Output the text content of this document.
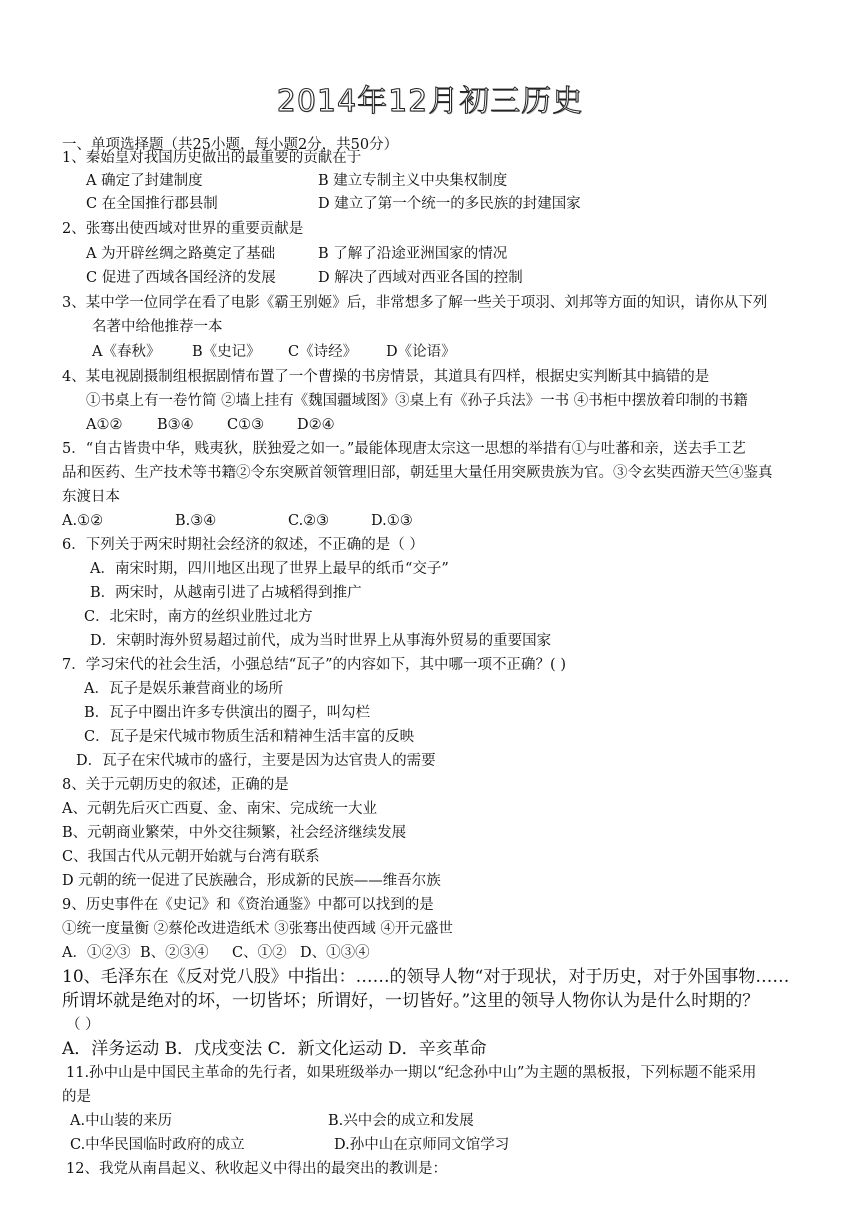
2014年12月初三历史
一、单项选择题（共25小题，每小题2分，共50分）
1、秦始皇对我国历史做出的最重要的贡献在于
A 确定了封建制度	B 建立专制主义中央集权制度
C 在全国推行郡县制	D 建立了第一个统一的多民族的封建国家
2、张骞出使西域对世界的重要贡献是
A 为开辟丝绸之路奠定了基础	B 了解了沿途亚洲国家的情况
C 促进了西域各国经济的发展	D 解决了西域对西亚各国的控制
3、某中学一位同学在看了电影《霸王别姬》后，非常想多了解一些关于项羽、刘邦等方面的知识，请你从下列
名著中给他推荐一本
A《春秋》 B《史记》 C《诗经》 D《论语》
4、某电视剧摄制组根据剧情布置了一个曹操的书房情景，其道具有四样，根据史实判断其中搞错的是
①书桌上有一卷竹简 ②墙上挂有《魏国疆域图》③桌上有《孙子兵法》一书 ④书柜中摆放着印制的书籍
A①② B③④ C①③ D②④
5．“自古皆贵中华，贱夷狄，朕独爱之如一。”最能体现唐太宗这一思想的举措有①与吐蕃和亲，送去手工艺
品和医药、生产技术等书籍②令东突厥首领管理旧部，朝廷里大量任用突厥贵族为官。③令玄奘西游天竺④鉴真
东渡日本
A.①②	B.③④	C.②③	D.①③
6．下列关于两宋时期社会经济的叙述，不正确的是（ ）
A．南宋时期，四川地区出现了世界上最早的纸币“交子”
B．两宋时，从越南引进了占城稻得到推广
C．北宋时，南方的丝织业胜过北方
D．宋朝时海外贸易超过前代，成为当时世界上从事海外贸易的重要国家
7．学习宋代的社会生活，小强总结“瓦子”的内容如下，其中哪一项不正确？( )
A．瓦子是娱乐兼营商业的场所
B．瓦子中圈出许多专供演出的圈子，叫勾栏
C．瓦子是宋代城市物质生活和精神生活丰富的反映
D．瓦子在宋代城市的盛行，主要是因为达官贵人的需要
8、关于元朝历史的叙述，正确的是
A、元朝先后灭亡西夏、金、南宋、完成统一大业
B、元朝商业繁荣，中外交往频繁，社会经济继续发展
C、我国古代从元朝开始就与台湾有联系
D 元朝的统一促进了民族融合，形成新的民族——维吾尔族
9、历史事件在《史记》和《资治通鉴》中都可以找到的是
①统一度量衡 ②蔡伦改进造纸术 ③张骞出使西域 ④开元盛世
A．①②③ B、②③④ C、①② D、①③④
10、毛泽东在《反对党八股》中指出：……的领导人物“对于现状，对于历史，对于外国事物……
所谓坏就是绝对的坏，一切皆坏；所谓好，一切皆好。”这里的领导人物你认为是什么时期的？
（ ）
A．洋务运动 B．戊戌变法 C．新文化运动 D．辛亥革命
11.孙中山是中国民主革命的先行者，如果班级举办一期以“纪念孙中山”为主题的黑板报，下列标题不能采用
的是
A.中山装的来历	B.兴中会的成立和发展
C.中华民国临时政府的成立	D.孙中山在京师同文馆学习
12、我党从南昌起义、秋收起义中得出的最突出的教训是：
